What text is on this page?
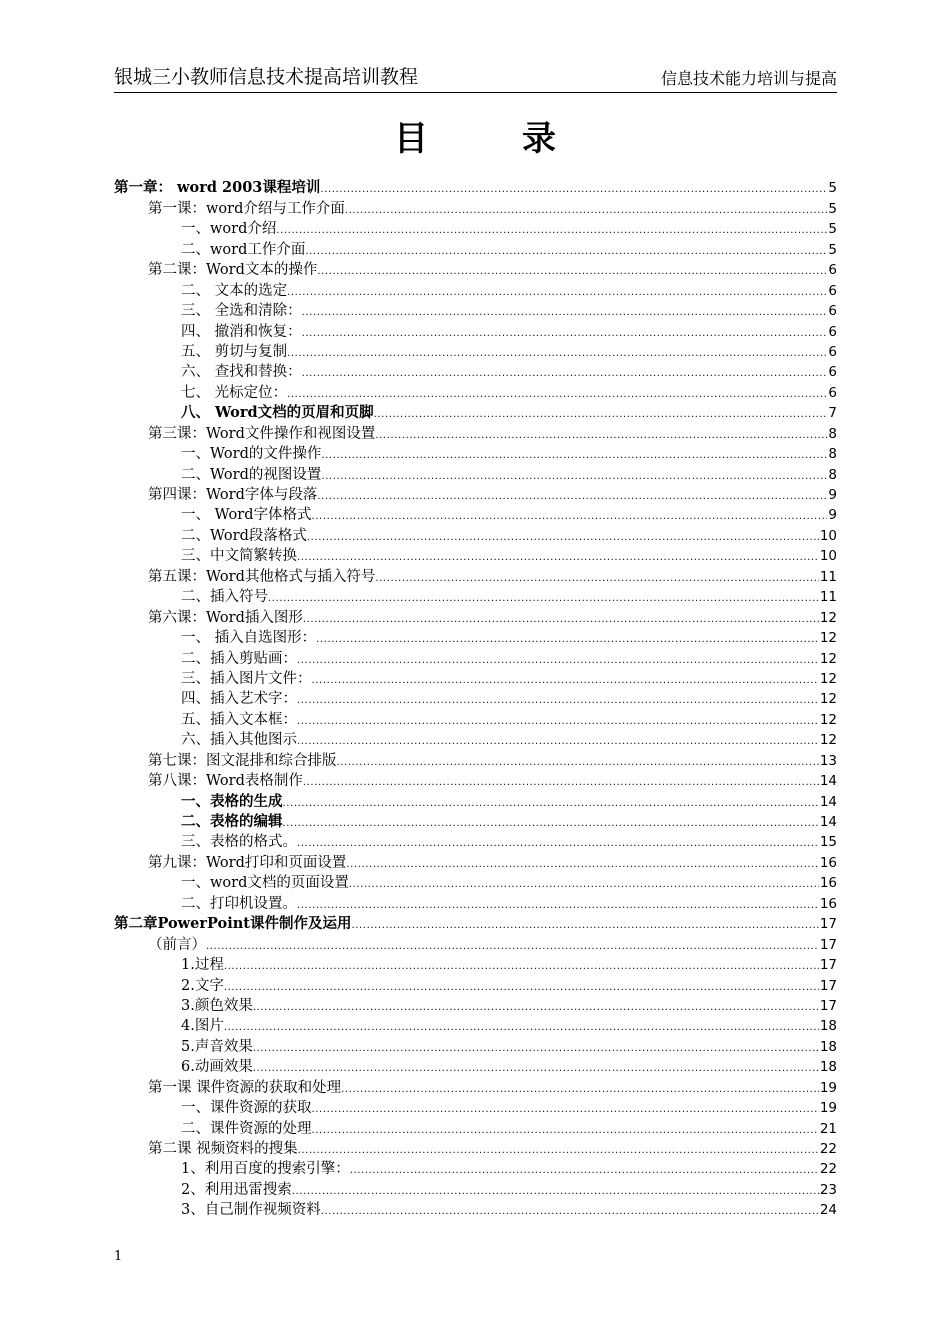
银城三小教师信息技术提高培训教程	信息技术能力培训与提高
目　录
第一章： word 2003课程培训 .....	5
第一课：word介绍与工作介面 .....	5
一、word介绍 .....	5
二、word工作介面 .....	5
第二课：Word文本的操作 .....	6
二、 文本的选定 .....	6
三、 全选和清除： .....	6
四、 撤消和恢复： .....	6
五、 剪切与复制 .....	6
六、 查找和替换： .....	6
七、 光标定位： .....	6
八、 Word文档的页眉和页脚 .....	7
第三课：Word文件操作和视图设置 .....	8
一、Word的文件操作 .....	8
二、Word的视图设置 .....	8
第四课：Word字体与段落 .....	9
一、 Word字体格式 .....	9
二、Word段落格式 .....	10
三、中文简繁转换 .....	10
第五课：Word其他格式与插入符号 .....	11
二、插入符号 .....	11
第六课：Word插入图形 .....	12
一、 插入自选图形： .....	12
二、插入剪贴画： .....	12
三、插入图片文件： .....	12
四、插入艺术字： .....	12
五、插入文本框： .....	12
六、插入其他图示 .....	12
第七课：图文混排和综合排版 .....	13
第八课：Word表格制作 .....	14
一、表格的生成 .....	14
二、表格的编辑 .....	14
三、表格的格式。 .....	15
第九课：Word打印和页面设置 .....	16
一、word文档的页面设置 .....	16
二、打印机设置。 .....	16
第二章PowerPoint课件制作及运用 .....	17
（前言） .....	17
1.过程 .....	17
2.文字 .....	17
3.颜色效果 .....	17
4.图片 .....	18
5.声音效果 .....	18
6.动画效果 .....	18
第一课 课件资源的获取和处理 .....	19
一、课件资源的获取 .....	19
二、课件资源的处理 .....	21
第二课 视频资料的搜集 .....	22
1、利用百度的搜索引擎： .....	22
2、利用迅雷搜索 .....	23
3、自己制作视频资料 .....	24
1
